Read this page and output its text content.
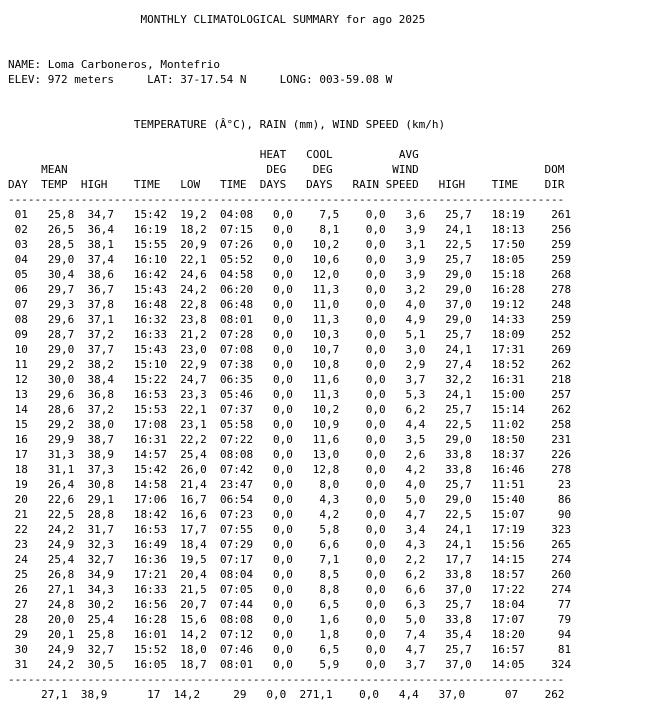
MONTHLY CLIMATOLOGICAL SUMMARY for ago 2025
NAME: Loma Carboneros, Montefrio
ELEV: 972 meters	LAT: 37-17.54 N	LONG: 003-59.08 W
TEMPERATURE (Â°C), RAIN (mm), WIND SPEED (km/h)
HEAT COOL	AVG
MEAN	DEG DEG	WIND	DOM
DAY TEMP HIGH TIME LOW TIME DAYS DAYS RAIN SPEED HIGH TIME DIR
------------------------------------------------------------------------------------
01 25,8 34,7 15:42 19,2 04:08 0,0 7,5 0,0 3,6 25,7 18:19 261
02 26,5 36,4 16:19 18,2 07:15 0,0 8,1 0,0 3,9 24,1 18:13 256
03 28,5 38,1 15:55 20,9 07:26 0,0 10,2 0,0 3,1 22,5 17:50 259
04 29,0 37,4 16:10 22,1 05:52 0,0 10,6 0,0 3,9 25,7 18:05 259
05 30,4 38,6 16:42 24,6 04:58 0,0 12,0 0,0 3,9 29,0 15:18 268
06 29,7 36,7 15:43 24,2 06:20 0,0 11,3 0,0 3,2 29,0 16:28 278
07 29,3 37,8 16:48 22,8 06:48 0,0 11,0 0,0 4,0 37,0 19:12 248
08 29,6 37,1 16:32 23,8 08:01 0,0 11,3 0,0 4,9 29,0 14:33 259
09 28,7 37,2 16:33 21,2 07:28 0,0 10,3 0,0 5,1 25,7 18:09 252
10 29,0 37,7 15:43 23,0 07:08 0,0 10,7 0,0 3,0 24,1 17:31 269
11 29,2 38,2 15:10 22,9 07:38 0,0 10,8 0,0 2,9 27,4 18:52 262
12 30,0 38,4 15:22 24,7 06:35 0,0 11,6 0,0 3,7 32,2 16:31 218
13 29,6 36,8 16:53 23,3 05:46 0,0 11,3 0,0 5,3 24,1 15:00 257
14 28,6 37,2 15:53 22,1 07:37 0,0 10,2 0,0 6,2 25,7 15:14 262
15 29,2 38,0 17:08 23,1 05:58 0,0 10,9 0,0 4,4 22,5 11:02 258
16 29,9 38,7 16:31 22,2 07:22 0,0 11,6 0,0 3,5 29,0 18:50 231
17 31,3 38,9 14:57 25,4 08:08 0,0 13,0 0,0 2,6 33,8 18:37 226
18 31,1 37,3 15:42 26,0 07:42 0,0 12,8 0,0 4,2 33,8 16:46 278
19 26,4 30,8 14:58 21,4 23:47 0,0 8,0 0,0 4,0 25,7 11:51	23
20 22,6 29,1 17:06 16,7 06:54 0,0 4,3 0,0 5,0 29,0 15:40	86
21 22,5 28,8 18:42 16,6 07:23 0,0 4,2 0,0 4,7 22,5 15:07	90
22 24,2 31,7 16:53 17,7 07:55 0,0 5,8 0,0 3,4 24,1 17:19 323
23 24,9 32,3 16:49 18,4 07:29 0,0 6,6 0,0 4,3 24,1 15:56 265
24 25,4 32,7 16:36 19,5 07:17 0,0 7,1 0,0 2,2 17,7 14:15 274
25 26,8 34,9 17:21 20,4 08:04 0,0 8,5 0,0 6,2 33,8 18:57 260
26 27,1 34,3 16:33 21,5 07:05 0,0 8,8 0,0 6,6 37,0 17:22 274
27 24,8 30,2 16:56 20,7 07:44 0,0 6,5 0,0 6,3 25,7 18:04	77
28 20,0 25,4 16:28 15,6 08:08 0,0 1,6 0,0 5,0 33,8 17:07	79
29 20,1 25,8 16:01 14,2 07:12 0,0 1,8 0,0 7,4 35,4 18:20	94
30 24,9 32,7 15:52 18,0 07:46 0,0 6,5 0,0 4,7 25,7 16:57	81
31 24,2 30,5 16:05 18,7 08:01 0,0 5,9 0,0 3,7 37,0 14:05 324
------------------------------------------------------------------------------------
27,1 38,9	17 14,2	29 0,0 271,1 0,0 4,4 37,0	07 262
